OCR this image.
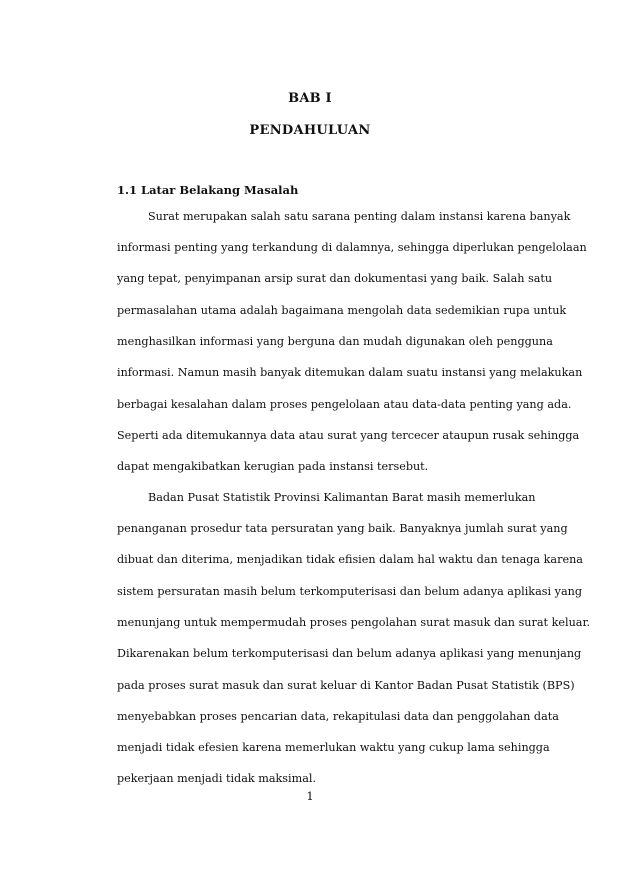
BAB I
PENDAHULUAN
1.1 Latar Belakang Masalah
Surat merupakan salah satu sarana penting dalam instansi karena banyak
informasi penting yang terkandung di dalamnya, sehingga diperlukan pengelolaan
yang tepat, penyimpanan arsip surat dan dokumentasi yang baik. Salah satu
permasalahan utama adalah bagaimana mengolah data sedemikian rupa untuk
menghasilkan informasi yang berguna dan mudah digunakan oleh pengguna
informasi. Namun masih banyak ditemukan dalam suatu instansi yang melakukan
berbagai kesalahan dalam proses pengelolaan atau data-data penting yang ada.
Seperti ada ditemukannya data atau surat yang tercecer ataupun rusak sehingga
dapat mengakibatkan kerugian pada instansi tersebut.
Badan Pusat Statistik Provinsi Kalimantan Barat masih memerlukan
penanganan prosedur tata persuratan yang baik. Banyaknya jumlah surat yang
dibuat dan diterima, menjadikan tidak efisien dalam hal waktu dan tenaga karena
sistem persuratan masih belum terkomputerisasi dan belum adanya aplikasi yang
menunjang untuk mempermudah proses pengolahan surat masuk dan surat keluar.
Dikarenakan belum terkomputerisasi dan belum adanya aplikasi yang menunjang
pada proses surat masuk dan surat keluar di Kantor Badan Pusat Statistik (BPS)
menyebabkan proses pencarian data, rekapitulasi data dan penggolahan data
menjadi tidak efesien karena memerlukan waktu yang cukup lama sehingga
pekerjaan menjadi tidak maksimal.
1
